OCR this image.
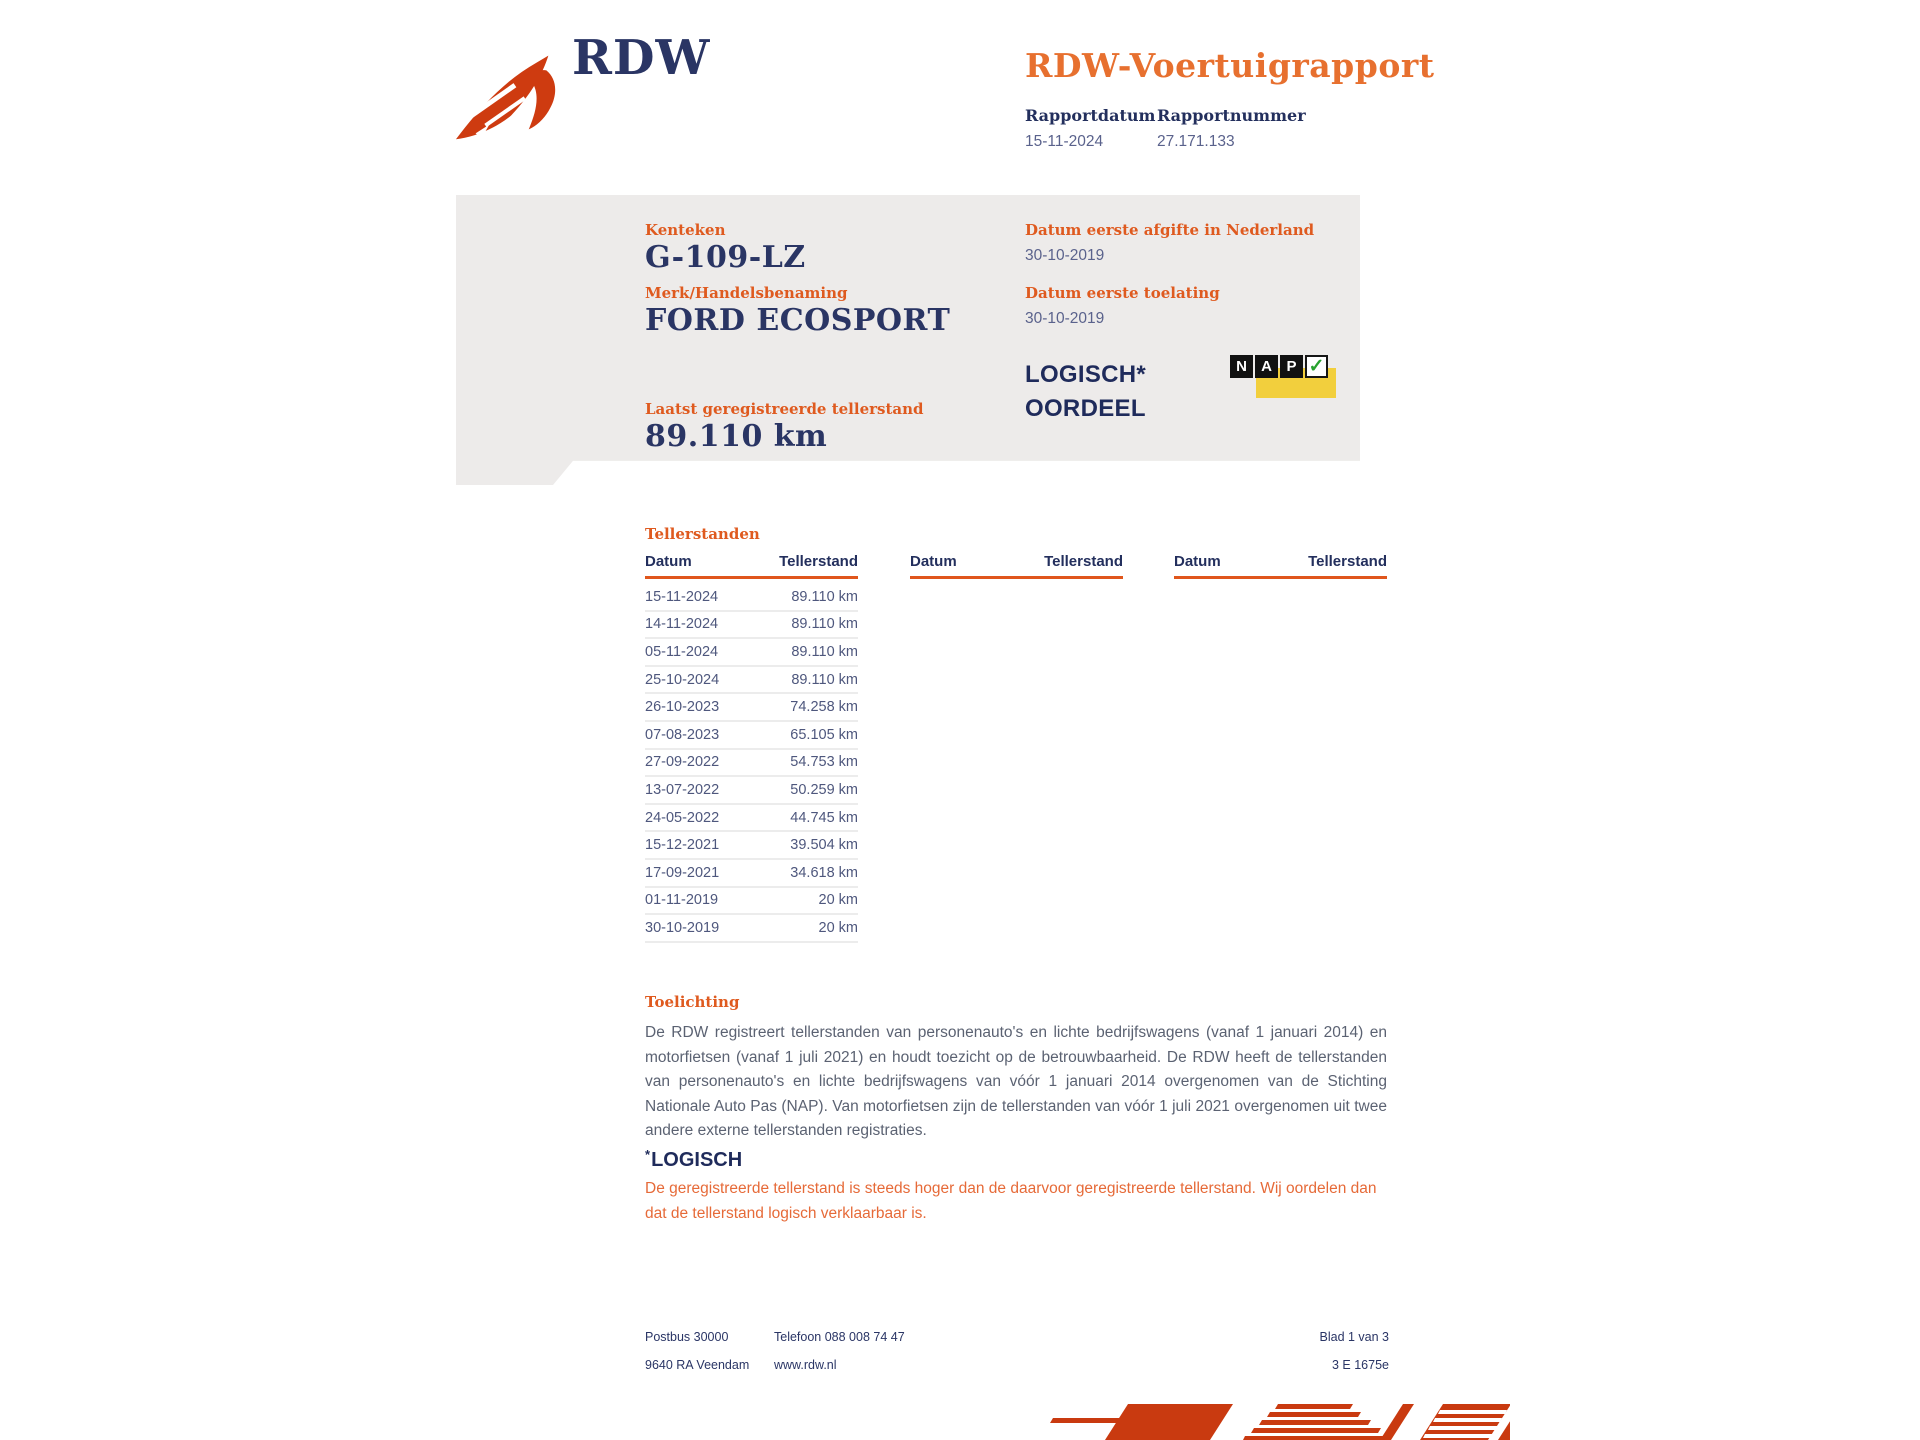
RDW	RDW-Voertuigrapport
Rapportdatum
15-11-2024
Rapportnummer
27.171.133
Kenteken
G-109-LZ
Merk/Handelsbenaming
FORD ECOSPORT
Datum eerste afgifte in Nederland
30-10-2019
Datum eerste toelating
30-10-2019
LOGISCH*
OORDEEL
N A P ✓
Laatst geregistreerde tellerstand
89.110 km
Tellerstanden
Datum	Tellerstand	Datum	Tellerstand	Datum	Tellerstand
15-11-2024	89.110 km
14-11-2024	89.110 km
05-11-2024	89.110 km
25-10-2024	89.110 km
26-10-2023	74.258 km
07-08-2023	65.105 km
27-09-2022	54.753 km
13-07-2022	50.259 km
24-05-2022	44.745 km
15-12-2021	39.504 km
17-09-2021	34.618 km
01-11-2019	20 km
30-10-2019	20 km
Toelichting
De RDW registreert tellerstanden van personenauto's en lichte bedrijfswagens (vanaf 1 januari 2014) en motorfietsen (vanaf 1 juli 2021) en houdt toezicht op de betrouwbaarheid. De RDW heeft de tellerstanden van personenauto's en lichte bedrijfswagens van vóór 1 januari 2014 overgenomen van de Stichting Nationale Auto Pas (NAP). Van motorfietsen zijn de tellerstanden van vóór 1 juli 2021 overgenomen uit twee andere externe tellerstanden registraties.
*LOGISCH
De geregistreerde tellerstand is steeds hoger dan de daarvoor geregistreerde tellerstand. Wij oordelen dan dat de tellerstand logisch verklaarbaar is.
Postbus 30000
9640 RA Veendam
Telefoon 088 008 74 47
www.rdw.nl
Blad 1 van 3
3 E 1675e
